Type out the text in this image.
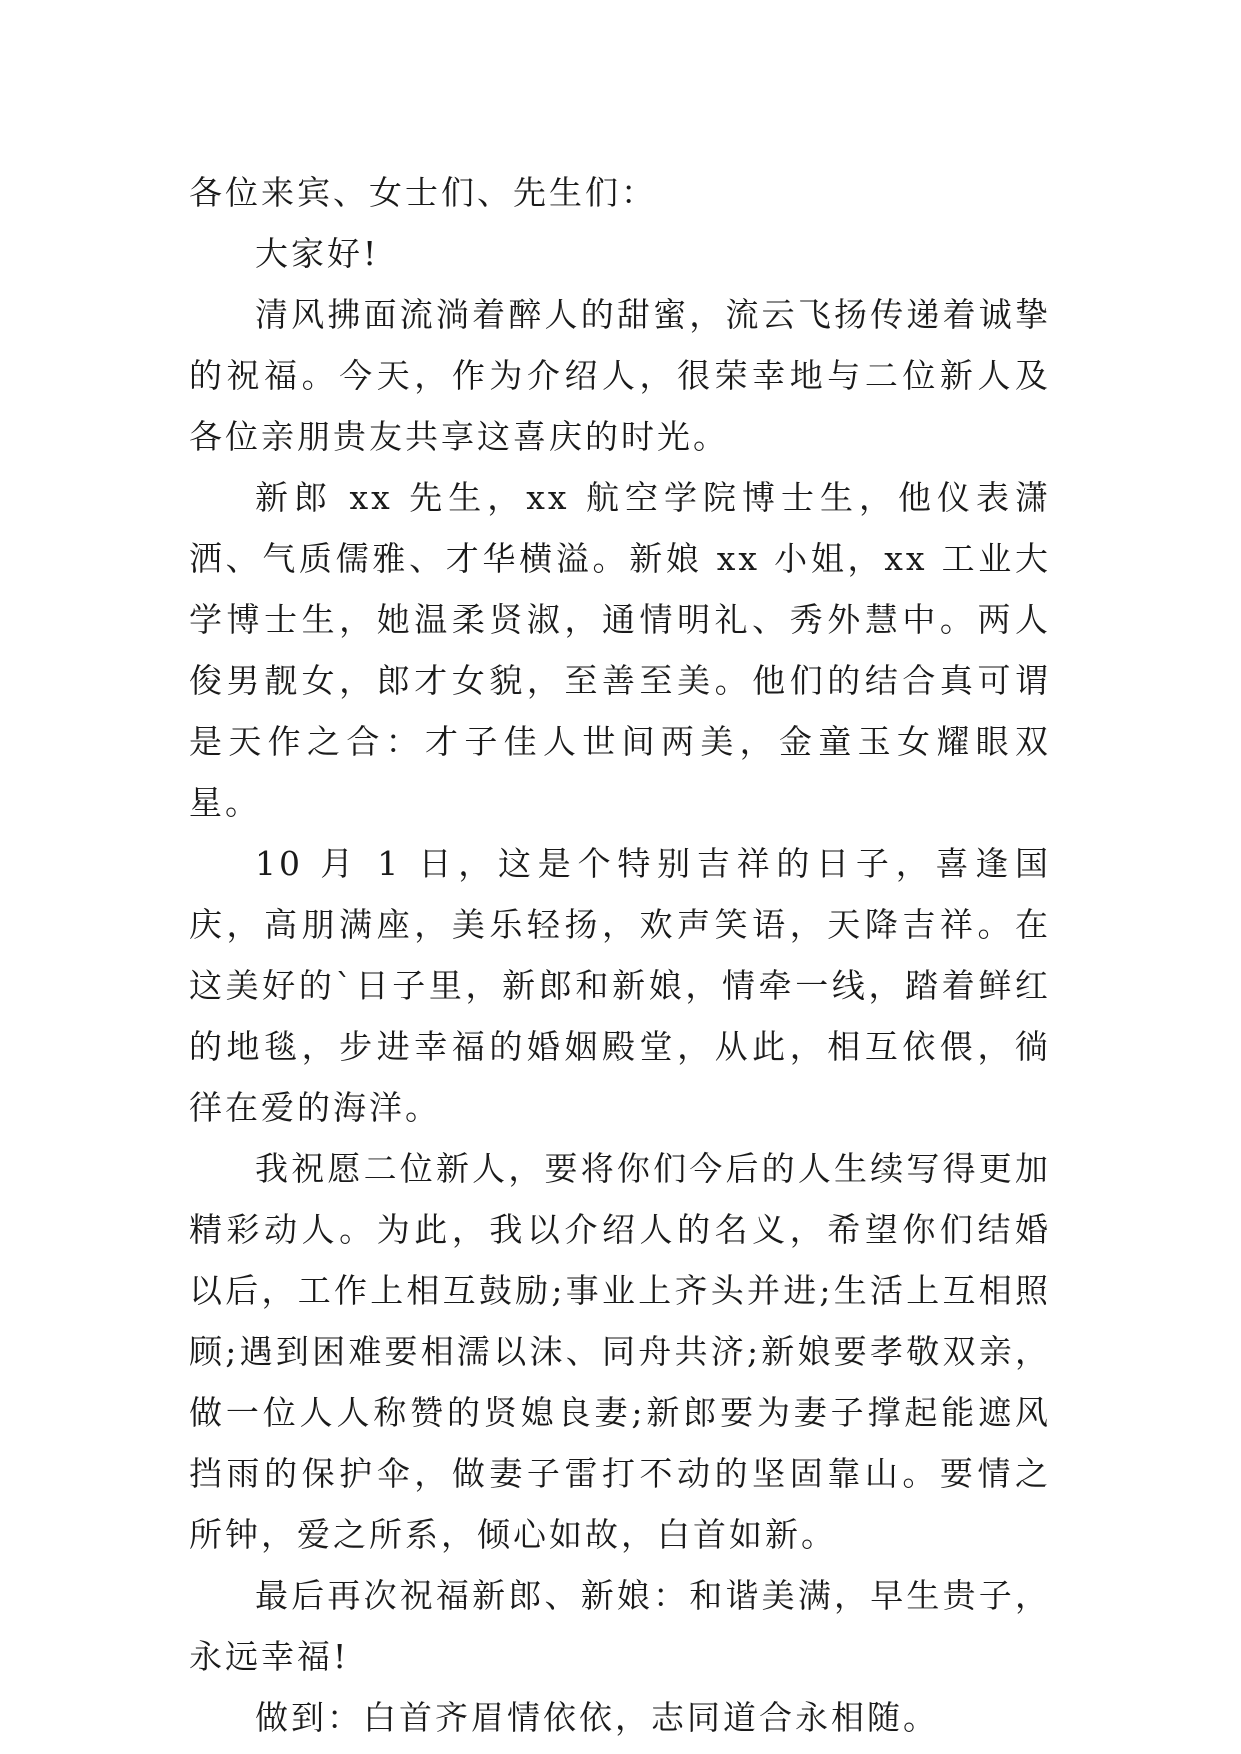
各位来宾、女士们、先生们：

大家好!

清风拂面流淌着醉人的甜蜜，流云飞扬传递着诚挚的祝福。今天，作为介绍人，很荣幸地与二位新人及各位亲朋贵友共享这喜庆的时光。

新郎 xx 先生，xx 航空学院博士生，他仪表潇洒、气质儒雅、才华横溢。新娘 xx 小姐，xx 工业大学博士生，她温柔贤淑，通情明礼、秀外慧中。两人俊男靓女，郎才女貌，至善至美。他们的结合真可谓是天作之合：才子佳人世间两美，金童玉女耀眼双星。

10 月 1 日，这是个特别吉祥的日子，喜逢国庆，高朋满座，美乐轻扬，欢声笑语，天降吉祥。在这美好的`日子里，新郎和新娘，情牵一线，踏着鲜红的地毯，步进幸福的婚姻殿堂，从此，相互依偎，徜徉在爱的海洋。

我祝愿二位新人，要将你们今后的人生续写得更加精彩动人。为此，我以介绍人的名义，希望你们结婚以后，工作上相互鼓励;事业上齐头并进;生活上互相照顾;遇到困难要相濡以沫、同舟共济;新娘要孝敬双亲，做一位人人称赞的贤媳良妻;新郎要为妻子撑起能遮风挡雨的保护伞，做妻子雷打不动的坚固靠山。要情之所钟，爱之所系，倾心如故，白首如新。

最后再次祝福新郎、新娘：和谐美满，早生贵子，永远幸福!

做到：白首齐眉情依依，志同道合永相随。
